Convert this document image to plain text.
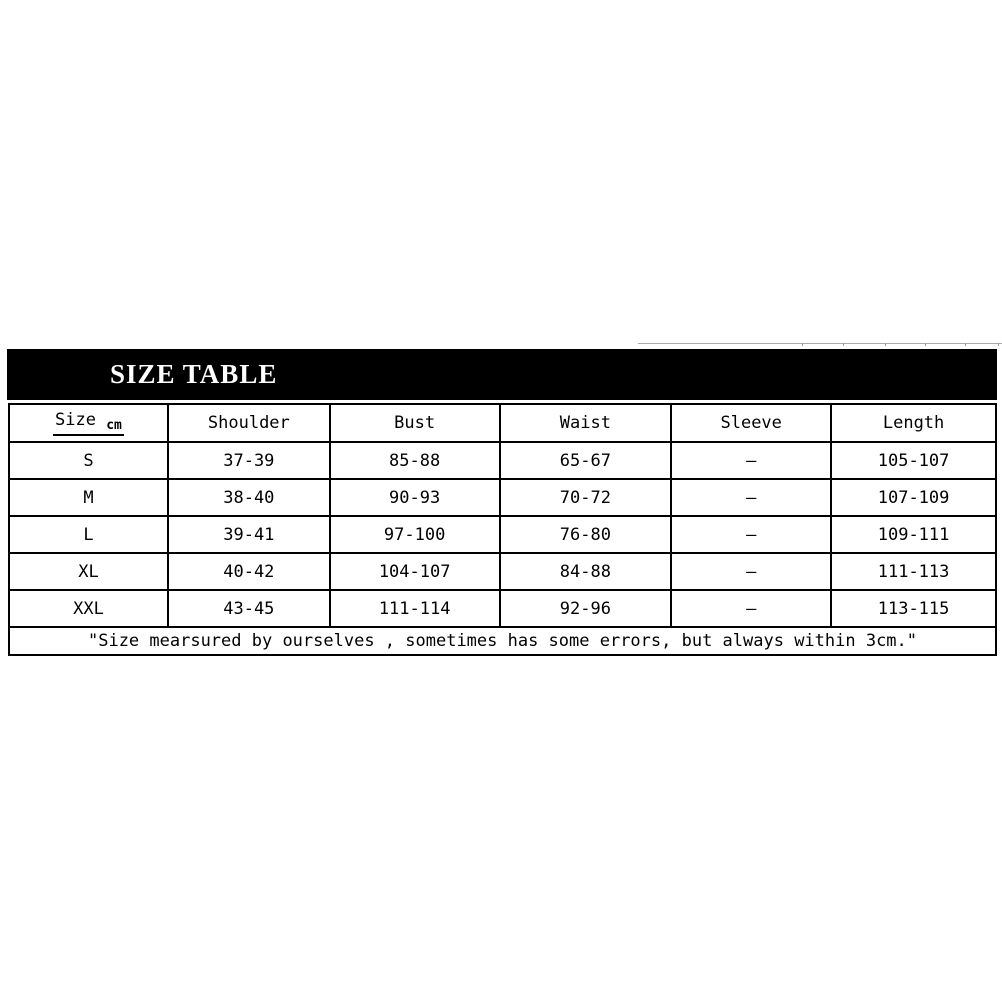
SIZE TABLE
Size $_{cm}$	Shoulder	Bust	Waist	Sleeve	Length
S	37-39	85-88	65-67	—	105-107
M	38-40	90-93	70-72	—	107-109
L	39-41	97-100	76-80	—	109-111
XL	40-42	104-107	84-88	—	111-113
XXL	43-45	111-114	92-96	—	113-115
"Size mearsured by ourselves , sometimes has some errors, but always within 3cm."					
